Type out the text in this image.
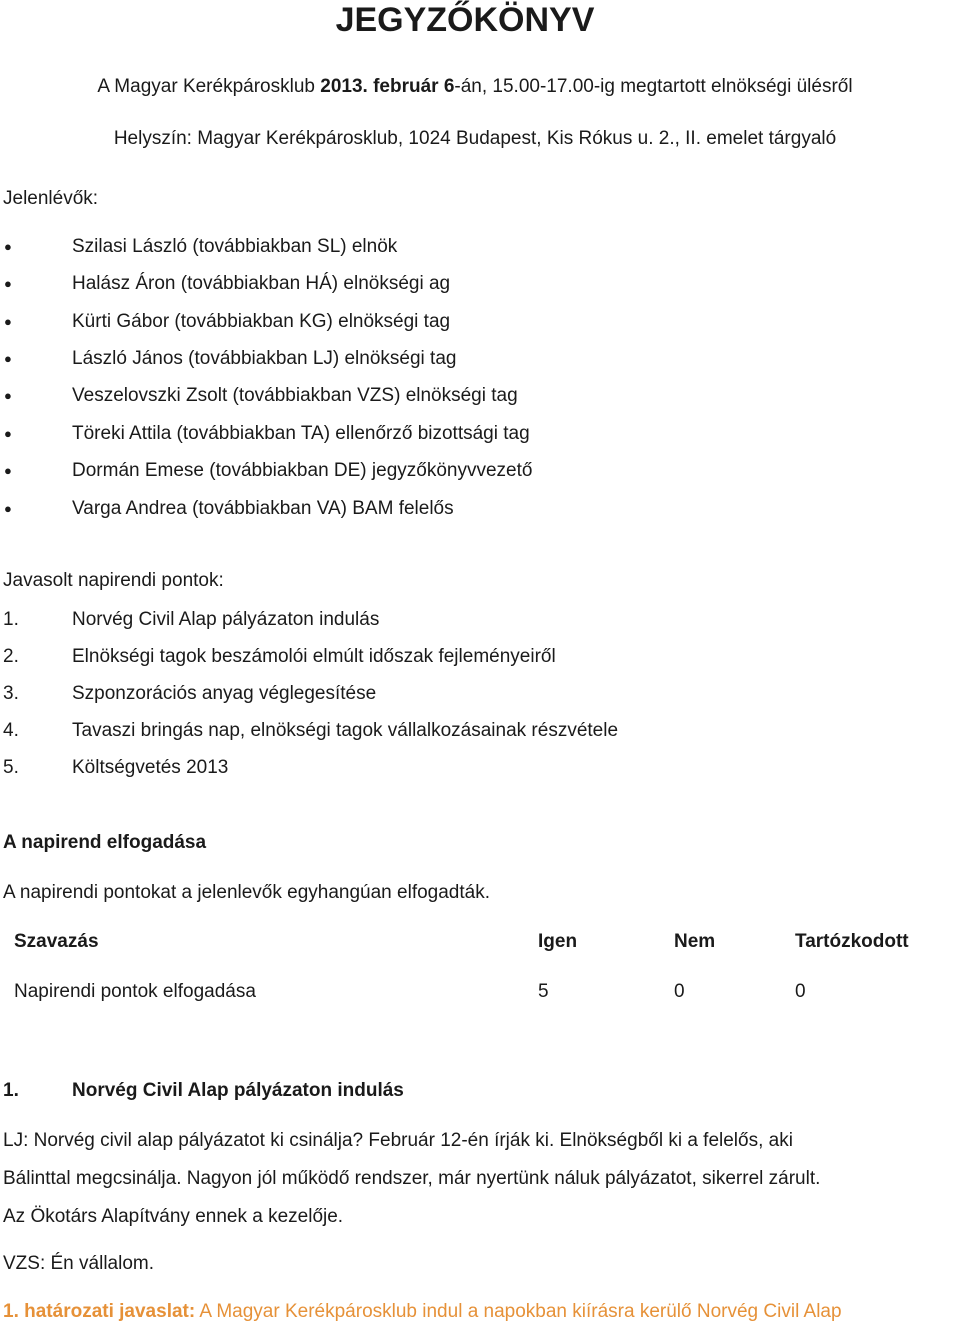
JEGYZŐKÖNYV
A Magyar Kerékpárosklub 2013. február 6-án, 15.00-17.00-ig megtartott elnökségi ülésről
Helyszín: Magyar Kerékpárosklub, 1024 Budapest, Kis Rókus u. 2., II. emelet tárgyaló
Jelenlévők:
●	Szilasi László (továbbiakban SL) elnök
●	Halász Áron (továbbiakban HÁ) elnökségi ag
●	Kürti Gábor (továbbiakban KG) elnökségi tag
●	László János (továbbiakban LJ) elnökségi tag
●	Veszelovszki Zsolt (továbbiakban VZS) elnökségi tag
●	Töreki Attila (továbbiakban TA) ellenőrző bizottsági tag
●	Dormán Emese (továbbiakban DE) jegyzőkönyvvezető
●	Varga Andrea (továbbiakban VA) BAM felelős
Javasolt napirendi pontok:
1.	Norvég Civil Alap pályázaton indulás
2.	Elnökségi tagok beszámolói elmúlt időszak fejleményeiről
3.	Szponzorációs anyag véglegesítése
4.	Tavaszi bringás nap, elnökségi tagok vállalkozásainak részvétele
5.	Költségvetés 2013
A napirend elfogadása
A napirendi pontokat a jelenlevők egyhangúan elfogadták.
Szavazás	Igen	Nem	Tartózkodott
Napirendi pontok elfogadása	5	0	0
1.	Norvég Civil Alap pályázaton indulás
LJ: Norvég civil alap pályázatot ki csinálja? Február 12-én írják ki. Elnökségből ki a felelős, aki
Bálinttal megcsinálja. Nagyon jól működő rendszer, már nyertünk náluk pályázatot, sikerrel zárult.
Az Ökotárs Alapítvány ennek a kezelője.
VZS: Én vállalom.
1. határozati javaslat: A Magyar Kerékpárosklub indul a napokban kiírásra kerülő Norvég Civil Alap
